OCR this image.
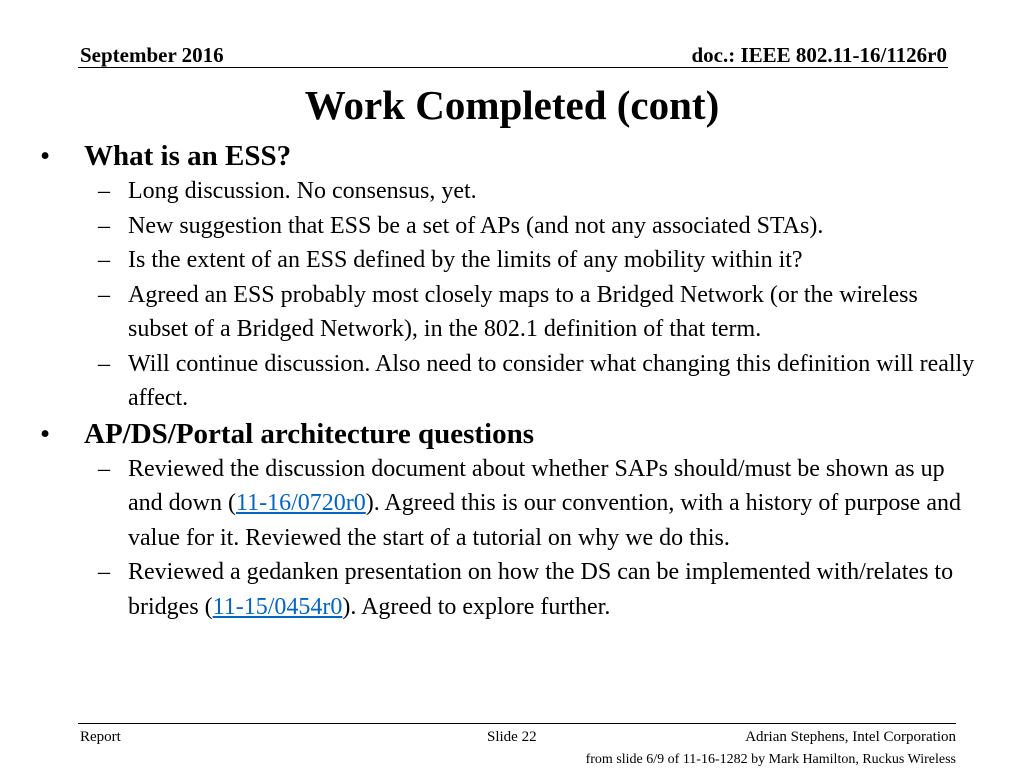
September 2016	doc.: IEEE 802.11-16/1126r0
Work Completed (cont)
• What is an ESS?
– Long discussion. No consensus, yet.
– New suggestion that ESS be a set of APs (and not any associated STAs).
– Is the extent of an ESS defined by the limits of any mobility within it?
– Agreed an ESS probably most closely maps to a Bridged Network (or the wireless subset of a Bridged Network), in the 802.1 definition of that term.
– Will continue discussion. Also need to consider what changing this definition will really affect.
• AP/DS/Portal architecture questions
– Reviewed the discussion document about whether SAPs should/must be shown as up and down (11-16/0720r0). Agreed this is our convention, with a history of purpose and value for it. Reviewed the start of a tutorial on why we do this.
– Reviewed a gedanken presentation on how the DS can be implemented with/relates to bridges (11-15/0454r0). Agreed to explore further.
Report	Slide 22	Adrian Stephens, Intel Corporation
from slide 6/9 of 11-16-1282 by Mark Hamilton, Ruckus Wireless
